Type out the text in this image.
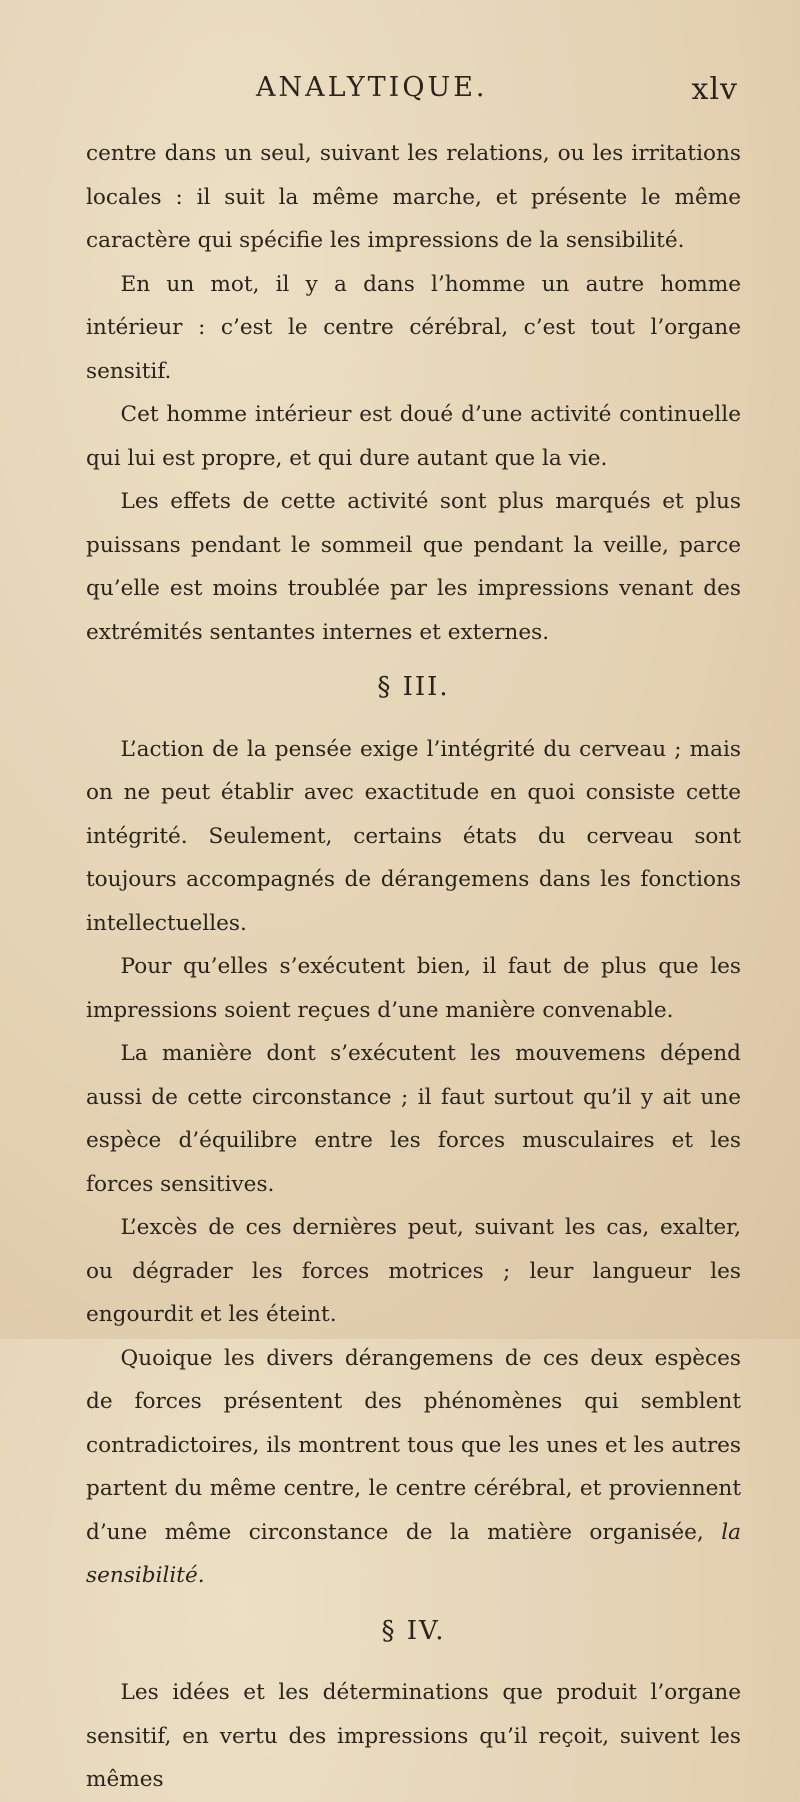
ANALYTIQUE.	xlv

centre dans un seul, suivant les relations, ou les irritations locales : il suit la même marche, et présente le même caractère qui spécifie les impressions de la sensibilité.

En un mot, il y a dans l’homme un autre homme intérieur : c’est le centre cérébral, c’est tout l’organe sensitif.

Cet homme intérieur est doué d’une activité continuelle qui lui est propre, et qui dure autant que la vie.

Les effets de cette activité sont plus marqués et plus puissans pendant le sommeil que pendant la veille, parce qu’elle est moins troublée par les impressions venant des extrémités sentantes internes et externes.

§ III.

L’action de la pensée exige l’intégrité du cerveau ; mais on ne peut établir avec exactitude en quoi consiste cette intégrité. Seulement, certains états du cerveau sont toujours accompagnés de dérangemens dans les fonctions intellectuelles.

Pour qu’elles s’exécutent bien, il faut de plus que les impressions soient reçues d’une manière convenable.

La manière dont s’exécutent les mouvemens dépend aussi de cette circonstance ; il faut surtout qu’il y ait une espèce d’équilibre entre les forces musculaires et les forces sensitives.

L’excès de ces dernières peut, suivant les cas, exalter, ou dégrader les forces motrices ; leur langueur les engourdit et les éteint.

Quoique les divers dérangemens de ces deux espèces de forces présentent des phénomènes qui semblent contradictoires, ils montrent tous que les unes et les autres partent du même centre, le centre cérébral, et proviennent d’une même circonstance de la matière organisée, la sensibilité.

§ IV.

Les idées et les déterminations que produit l’organe sensitif, en vertu des impressions qu’il reçoit, suivent les mêmes
